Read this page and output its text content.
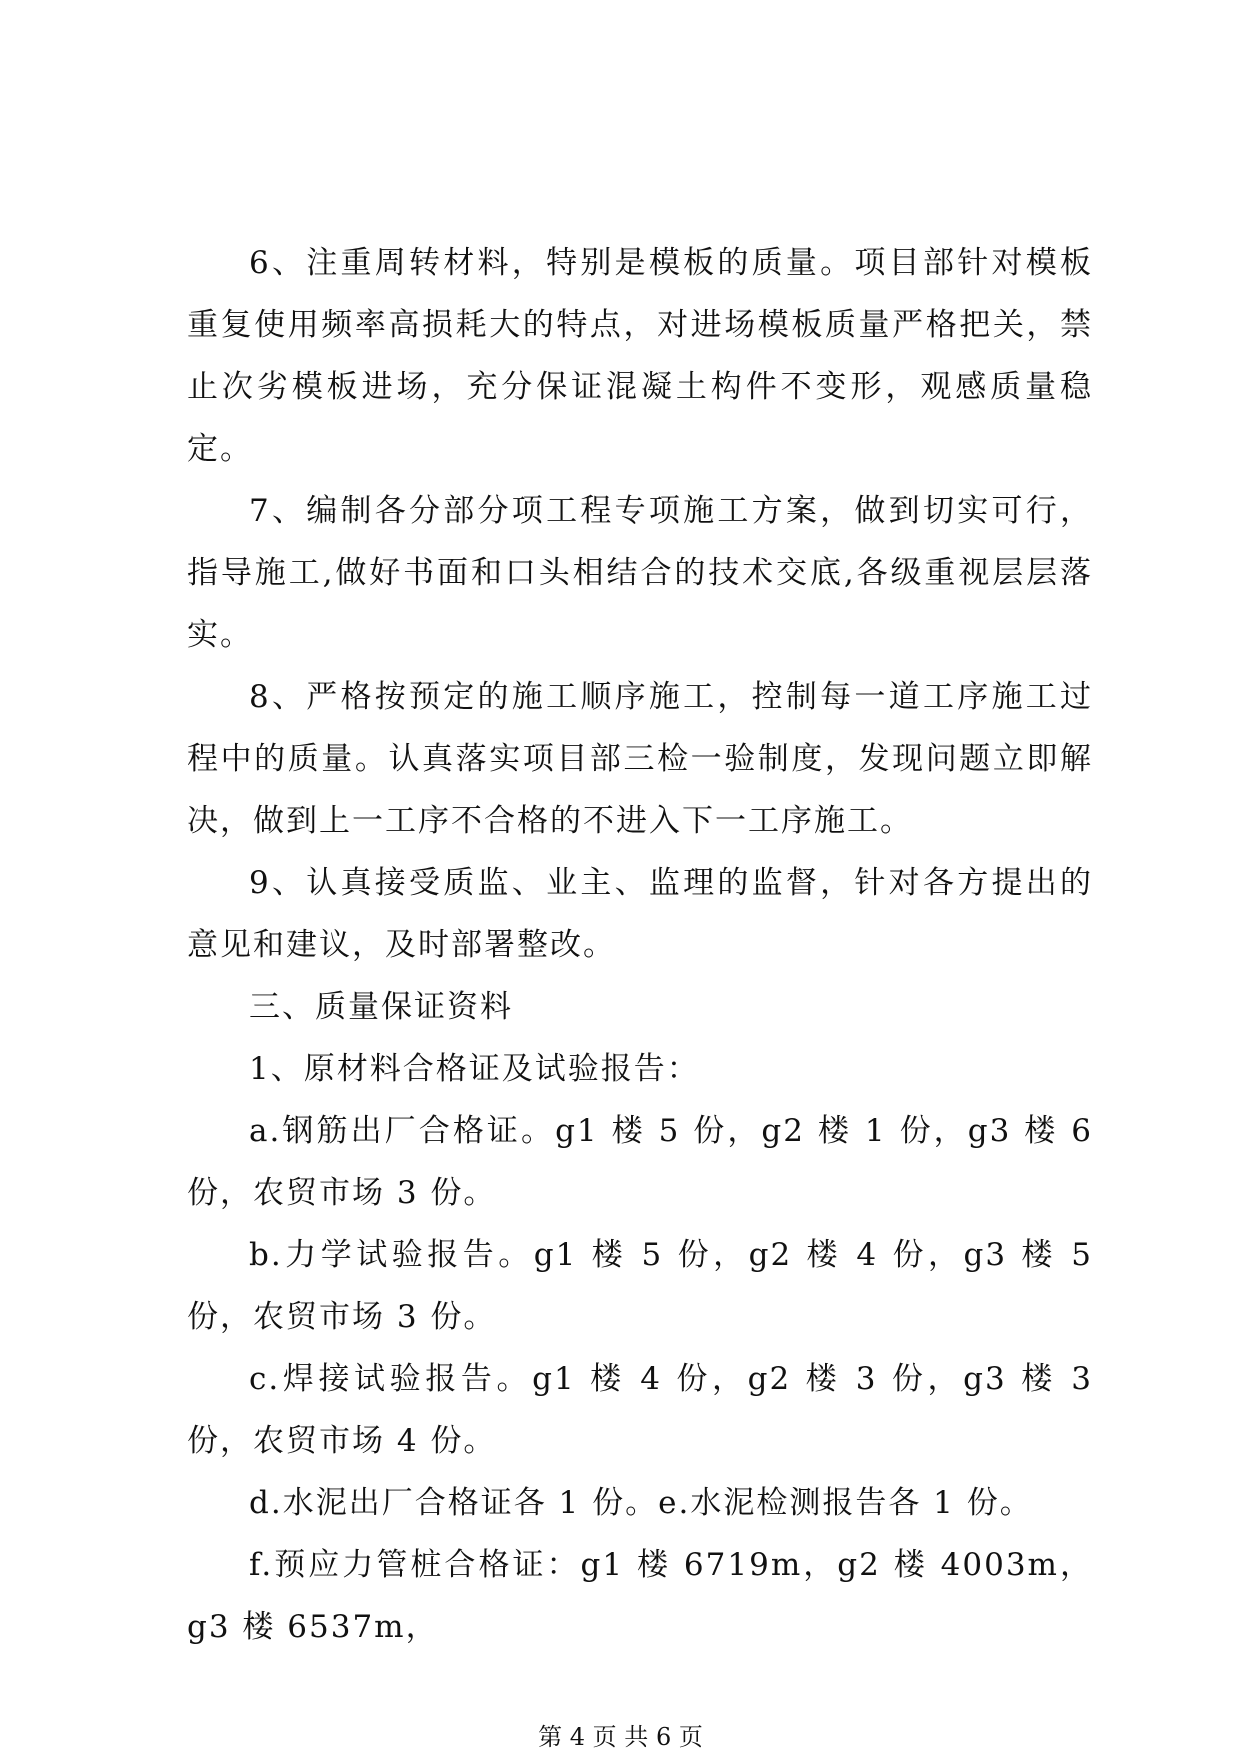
6、注重周转材料，特别是模板的质量。项目部针对模板重复使用频率高损耗大的特点，对进场模板质量严格把关，禁止次劣模板进场，充分保证混凝土构件不变形，观感质量稳定。

7、编制各分部分项工程专项施工方案，做到切实可行，指导施工,做好书面和口头相结合的技术交底,各级重视层层落实。

8、严格按预定的施工顺序施工，控制每一道工序施工过程中的质量。认真落实项目部三检一验制度，发现问题立即解决，做到上一工序不合格的不进入下一工序施工。

9、认真接受质监、业主、监理的监督，针对各方提出的意见和建议，及时部署整改。

三、质量保证资料

1、原材料合格证及试验报告：

a.钢筋出厂合格证。g1 楼 5 份，g2 楼 1 份，g3 楼 6 份，农贸市场 3 份。

b.力学试验报告。g1 楼 5 份，g2 楼 4 份，g3 楼 5 份，农贸市场 3 份。

c.焊接试验报告。g1 楼 4 份，g2 楼 3 份，g3 楼 3 份，农贸市场 4 份。

d.水泥出厂合格证各 1 份。e.水泥检测报告各 1 份。

f.预应力管桩合格证：g1 楼 6719m，g2 楼 4003m，g3 楼 6537m，

第 4 页 共 6 页
